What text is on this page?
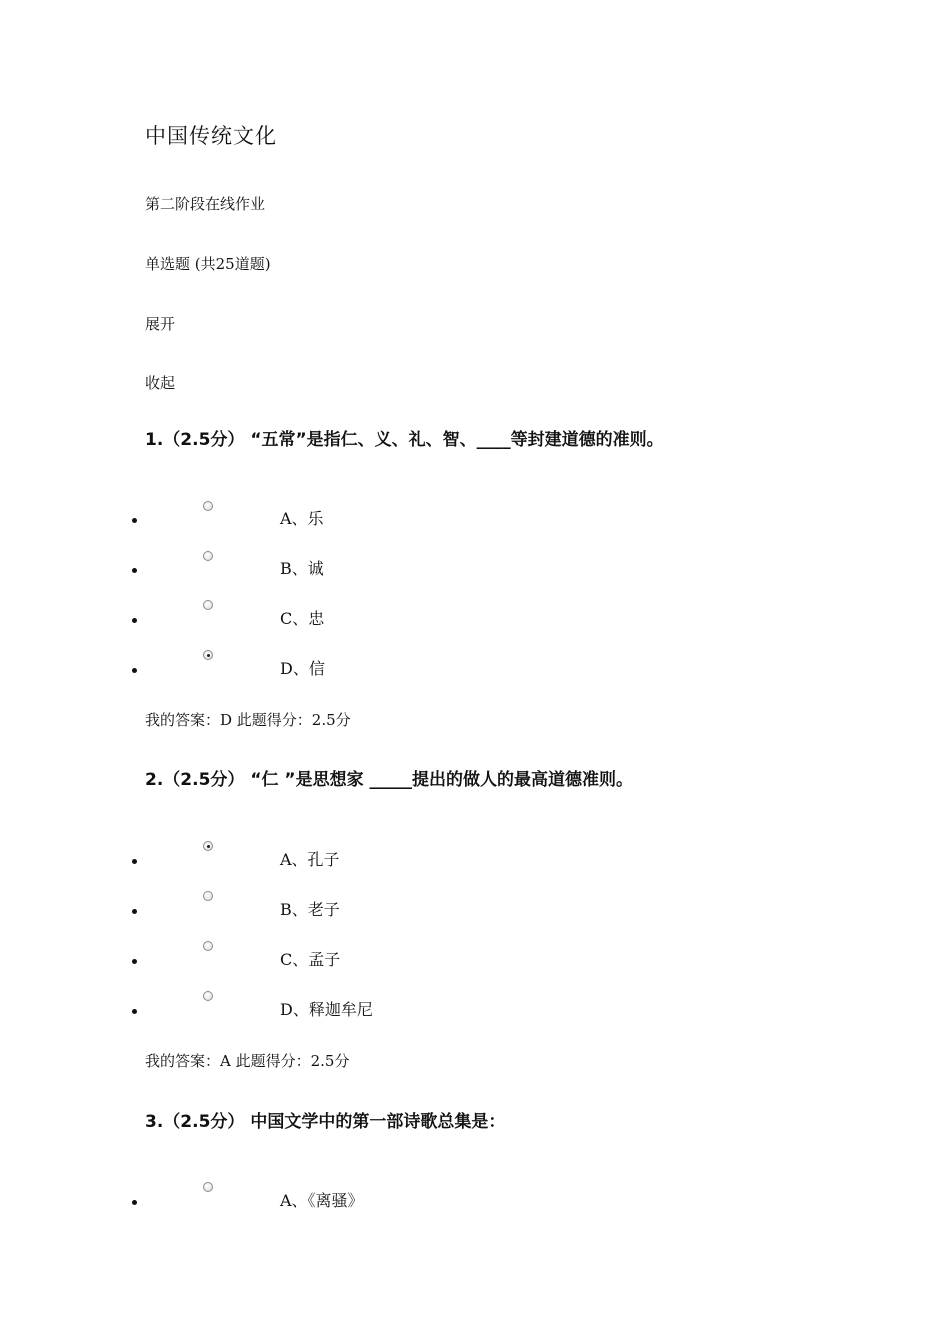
中国传统文化
第二阶段在线作业
单选题 (共25道题)
展开
收起
1.（2.5分） “五常”是指仁、义、礼、智、____等封建道德的准则。
A、乐
B、诚
C、忠
D、信
我的答案：D 此题得分：2.5分
2.（2.5分） “仁 ”是思想家 _____提出的做人的最高道德准则。
A、孔子
B、老子
C、孟子
D、释迦牟尼
我的答案：A 此题得分：2.5分
3.（2.5分） 中国文学中的第一部诗歌总集是：
A、《离骚》
